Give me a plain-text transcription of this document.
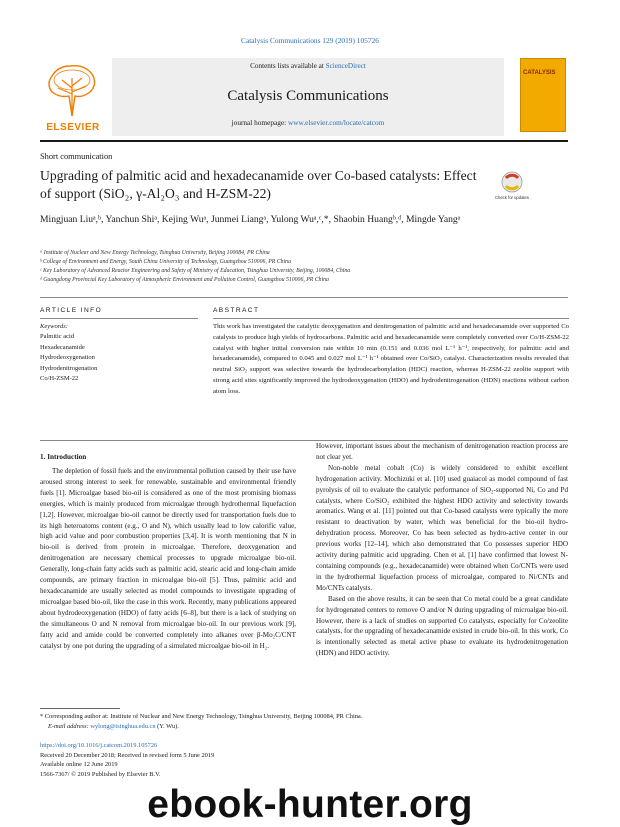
Catalysis Communications 129 (2019) 105726
ELSEVIER
Contents lists available at ScienceDirect
Catalysis Communications
journal homepage: www.elsevier.com/locate/catcom
CATALYSIS
Short communication
Upgrading of palmitic acid and hexadecanamide over Co-based catalysts: Effect of support (SiO₂, γ-Al₂O₃ and H-ZSM-22)	Check for updates
Mingjuan Liuᵃ,ᵇ, Yanchun Shiᵃ, Kejing Wuᵃ, Junmei Liangᵃ, Yulong Wuᵃ,ᶜ,*, Shaobin Huangᵇ,ᵈ, Mingde Yangᵃ
ᵃ Institute of Nuclear and New Energy Technology, Tsinghua University, Beijing 100084, PR China
ᵇ College of Environment and Energy, South China University of Technology, Guangzhou 510006, PR China
ᶜ Key Laboratory of Advanced Reactor Engineering and Safety of Ministry of Education, Tsinghua University, Beijing, 100084, China
ᵈ Guangdong Provincial Key Laboratory of Atmospheric Environment and Pollution Control, Guangzhou 510006, PR China
ARTICLE INFO
Keywords:
Palmitic acid
Hexadecanamide
Hydrodeoxygenation
Hydrodenitrogenation
Co/H-ZSM-22
ABSTRACT
This work has investigated the catalytic deoxygenation and denitrogenation of palmitic acid and hexadecanamide over supported Co catalysts to produce high yields of hydrocarbons. Palmitic acid and hexadecanamide were completely converted over Co/H-ZSM-22 catalyst with higher initial conversion rate within 10 min (0.151 and 0.036 mol L⁻¹ h⁻¹, respectively, for palmitic acid and hexadecanamide), compared to 0.045 and 0.027 mol L⁻¹ h⁻¹ obtained over Co/SiO₂ catalyst. Characterization results revealed that neutral SiO₂ support was selective towards the hydrodecarbonylation (HDC) reaction, whereas H-ZSM-22 zeolite support with strong acid sites significantly improved the hydrodeoxygenation (HDO) and hydrodenitrogenation (HDN) reactions without carbon atom loss.
1. Introduction

The depletion of fossil fuels and the environmental pollution caused by their use have aroused strong interest to seek for renewable, sustainable and environmental friendly fuels [1]. Microalgae based bio-oil is considered as one of the most promising biomass energies, which is mainly produced from microalgae through hydrothermal liquefaction [1,2]. However, microalgae bio-oil cannot be directly used for transportation fuels due to its high heteroatoms content (e.g., O and N), which usually lead to low calorific value, high acid value and poor combustion properties [3,4]. It is worth mentioning that N in bio-oil is derived from protein in microalgae. Therefore, deoxygenation and denitrogenation are necessary chemical processes to upgrade microalgae bio-oil. Generally, long-chain fatty acids such as palmitic acid, stearic acid and long-chain amide compounds, are primary fraction in microalgae bio-oil [5]. Thus, palmitic acid and hexadecanamide are usually selected as model compounds to investigate upgrading of microalgae based bio-oil, like the case in this work. Recently, many publications appeared about hydrodeoxygenation (HDO) of fatty acids [6–8], but there is a lack of studying on the simultaneous O and N removal from microalgae bio-oil. In our previous work [9], fatty acid and amide could be converted completely into alkanes over β-Mo₂C/CNT catalyst by one pot during the upgrading of a simulated microalgae bio-oil in H₂.

However, important issues about the mechanism of denitrogenation reaction process are not clear yet.

Non-noble metal cobalt (Co) is widely considered to exhibit excellent hydrogenation activity. Mochizuki et al. [10] used guaiacol as model compound of fast pyrolysis of oil to evaluate the catalytic performance of SiO₂-supported Ni, Co and Pd catalysts, where Co/SiO₂ exhibited the highest HDO activity and selectivity towards aromatics. Wang et al. [11] pointed out that Co-based catalysts were typically the more resistant to deactivation by water, which was beneficial for the bio-oil hydro-dehydration process. Moreover, Co has been selected as hydro-active center in our previous works [12–14], which also demonstrated that Co possesses superior HDO activity during palmitic acid upgrading. Chen et al. [1] have confirmed that lowest N-containing compounds (e.g., hexadecanamide) were obtained when Co/CNTs were used in the hydrothermal liquefaction process of microalgae, compared to Ni/CNTs and Mo/CNTs catalysts.

Based on the above results, it can be seen that Co metal could be a great candidate for hydrogenated centers to remove O and/or N during upgrading of microalgae bio-oil. However, there is a lack of studies on supported Co catalysts, especially for Co/zeolite catalysts, for the upgrading of hexadecanamide existed in crude bio-oil. In this work, Co is intentionally selected as metal active phase to evaluate its hydrodenitrogenation (HDN) and HDO activity.

* Corresponding author at: Institute of Nuclear and New Energy Technology, Tsinghua University, Beijing 100084, PR China.
E-mail address: wylong@tsinghua.edu.cn (Y. Wu).
https://doi.org/10.1016/j.catcom.2019.105726
Received 20 December 2018; Received in revised form 5 June 2019
Available online 12 June 2019
1566-7367/ © 2019 Published by Elsevier B.V.
ebook-hunter.org
